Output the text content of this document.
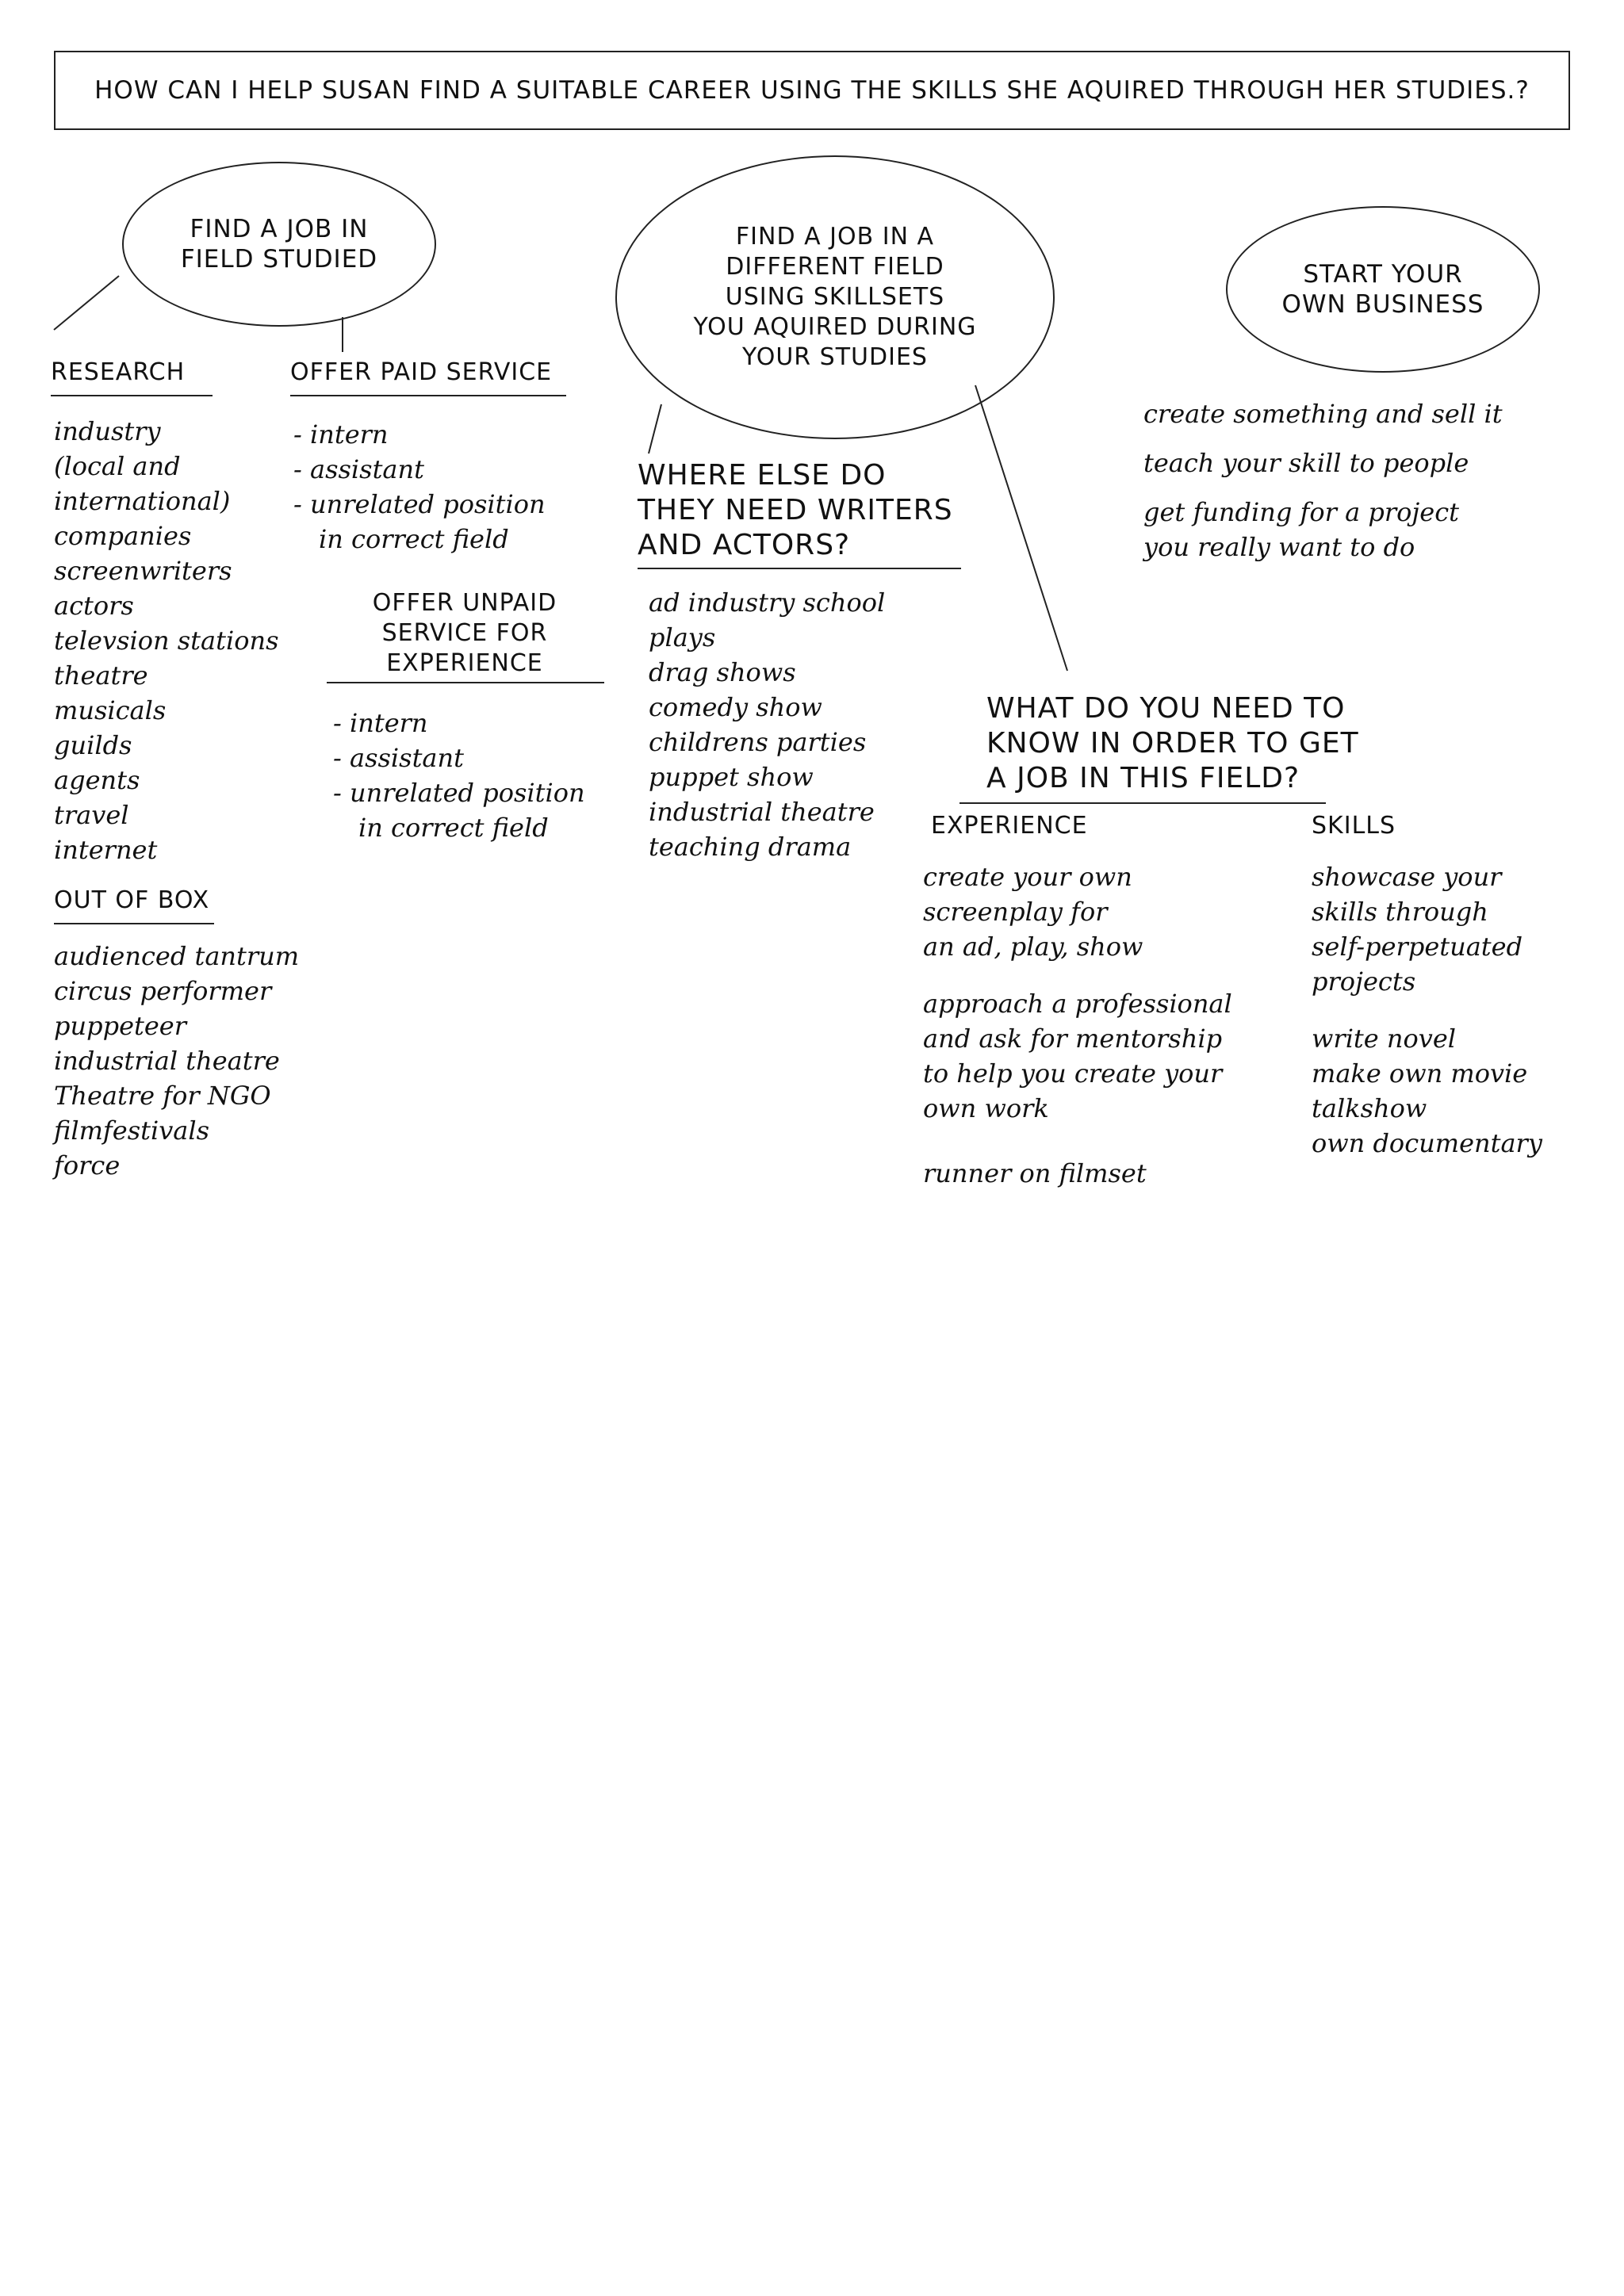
HOW CAN I HELP SUSAN FIND A SUITABLE CAREER USING THE SKILLS SHE AQUIRED THROUGH HER STUDIES.?
FIND A JOB IN
FIELD STUDIED
FIND A JOB IN A
DIFFERENT FIELD
USING SKILLSETS
YOU AQUIRED DURING
YOUR STUDIES
START YOUR
OWN BUSINESS
RESEARCH
industry
(local and
international)
companies
screenwriters
actors
televsion stations
theatre
musicals
guilds
agents
travel
internet
OUT OF BOX
audienced tantrum
circus performer
puppeteer
industrial theatre
Theatre for NGO
filmfestivals
force
OFFER PAID SERVICE
- intern
- assistant
- unrelated position
in correct field
OFFER UNPAID
SERVICE FOR
EXPERIENCE
- intern
- assistant
- unrelated position
in correct field
WHERE ELSE DO
THEY NEED WRITERS
AND ACTORS?
ad industry school
plays
drag shows
comedy show
childrens parties
puppet show
industrial theatre
teaching drama
create something and sell it
teach your skill to people
get funding for a project
you really want to do
WHAT DO YOU NEED TO
KNOW IN ORDER TO GET
A JOB IN THIS FIELD?
EXPERIENCE
create your own
screenplay for
an ad, play, show
approach a professional
and ask for mentorship
to help you create your
own work
runner on filmset
SKILLS
showcase your
skills through
self-perpetuated
projects
write novel
make own movie
talkshow
own documentary
